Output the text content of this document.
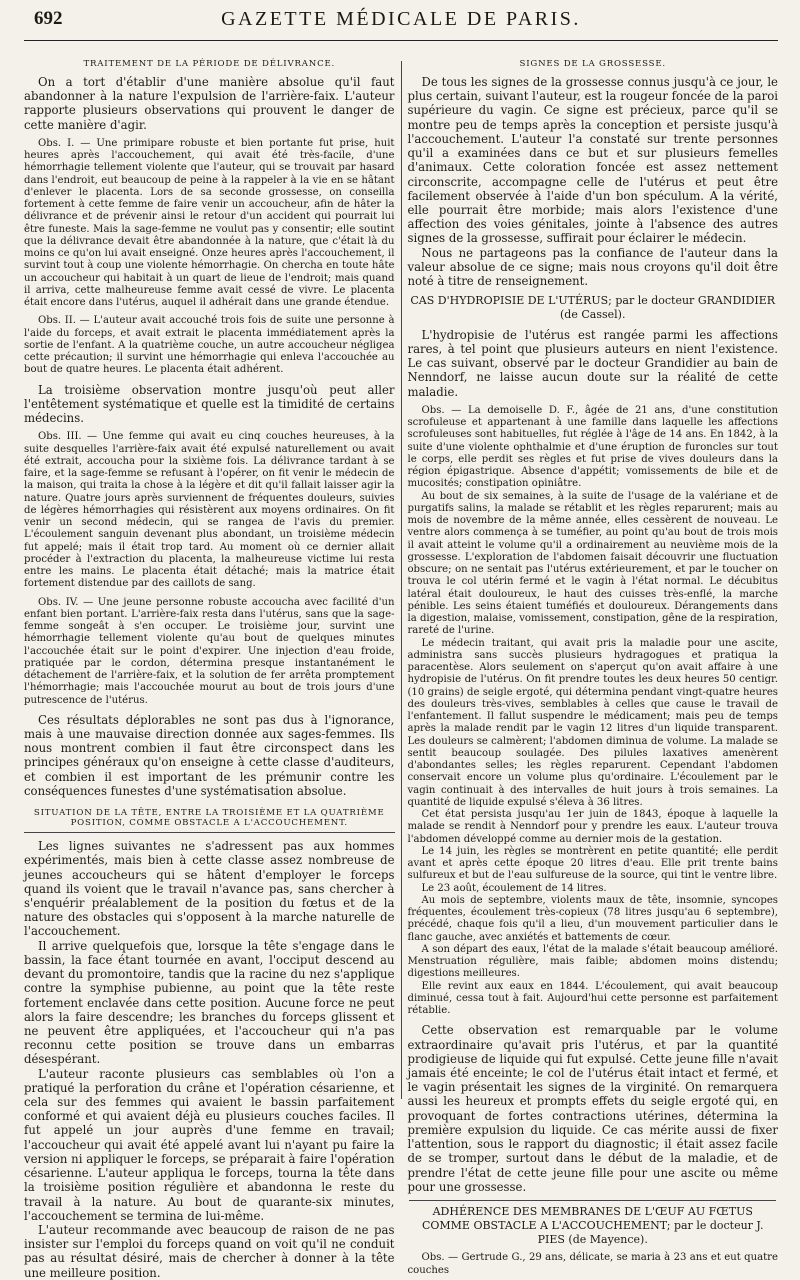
692	GAZETTE MÉDICALE DE PARIS.
TRAITEMENT DE LA PÉRIODE DE DÉLIVRANCE.

On a tort d'établir d'une manière absolue qu'il faut abandonner à la nature l'expulsion de l'arrière-faix. L'auteur rapporte plusieurs observations qui prouvent le danger de cette manière d'agir.

Obs. I. — Une primipare robuste et bien portante fut prise, huit heures après l'accouchement, qui avait été très-facile, d'une hémorrhagie tellement violente que l'auteur, qui se trouvait par hasard dans l'endroit, eut beaucoup de peine à la rappeler à la vie en se hâtant d'enlever le placenta. Lors de sa seconde grossesse, on conseilla fortement à cette femme de faire venir un accoucheur, afin de hâter la délivrance et de prévenir ainsi le retour d'un accident qui pourrait lui être funeste. Mais la sage-femme ne voulut pas y consentir; elle soutint que la délivrance devait être abandonnée à la nature, que c'était là du moins ce qu'on lui avait enseigné. Onze heures après l'accouchement, il survint tout à coup une violente hémorrhagie. On chercha en toute hâte un accoucheur qui habitait à un quart de lieue de l'endroit; mais quand il arriva, cette malheureuse femme avait cessé de vivre. Le placenta était encore dans l'utérus, auquel il adhérait dans une grande étendue.

Obs. II. — L'auteur avait accouché trois fois de suite une personne à l'aide du forceps, et avait extrait le placenta immédiatement après la sortie de l'enfant. A la quatrième couche, un autre accoucheur négligea cette précaution; il survint une hémorrhagie qui enleva l'accouchée au bout de quatre heures. Le placenta était adhérent.

La troisième observation montre jusqu'où peut aller l'entêtement systématique et quelle est la timidité de certains médecins.

Obs. III. — Une femme qui avait eu cinq couches heureuses, à la suite desquelles l'arrière-faix avait été expulsé naturellement ou avait été extrait, accoucha pour la sixième fois. La délivrance tardant à se faire, et la sage-femme se refusant à l'opérer, on fit venir le médecin de la maison, qui traita la chose à la légère et dit qu'il fallait laisser agir la nature. Quatre jours après surviennent de fréquentes douleurs, suivies de légères hémorrhagies qui résistèrent aux moyens ordinaires. On fit venir un second médecin, qui se rangea de l'avis du premier. L'écoulement sanguin devenant plus abondant, un troisième médecin fut appelé; mais il était trop tard. Au moment où ce dernier allait procéder à l'extraction du placenta, la malheureuse victime lui resta entre les mains. Le placenta était détaché; mais la matrice était fortement distendue par des caillots de sang.

Obs. IV. — Une jeune personne robuste accoucha avec facilité d'un enfant bien portant. L'arrière-faix resta dans l'utérus, sans que la sage-femme songeât à s'en occuper. Le troisième jour, survint une hémorrhagie tellement violente qu'au bout de quelques minutes l'accouchée était sur le point d'expirer. Une injection d'eau froide, pratiquée par le cordon, détermina presque instantanément le détachement de l'arrière-faix, et la solution de fer arrêta promptement l'hémorrhagie; mais l'accouchée mourut au bout de trois jours d'une putrescence de l'utérus.

Ces résultats déplorables ne sont pas dus à l'ignorance, mais à une mauvaise direction donnée aux sages-femmes. Ils nous montrent combien il faut être circonspect dans les principes généraux qu'on enseigne à cette classe d'auditeurs, et combien il est important de les prémunir contre les conséquences funestes d'une systématisation absolue.

SITUATION DE LA TÊTE, ENTRE LA TROISIÈME ET LA QUATRIÈME POSITION, COMME OBSTACLE A L'ACCOUCHEMENT.

Les lignes suivantes ne s'adressent pas aux hommes expérimentés, mais bien à cette classe assez nombreuse de jeunes accoucheurs qui se hâtent d'employer le forceps quand ils voient que le travail n'avance pas, sans chercher à s'enquérir préalablement de la position du fœtus et de la nature des obstacles qui s'opposent à la marche naturelle de l'accouchement.

Il arrive quelquefois que, lorsque la tête s'engage dans le bassin, la face étant tournée en avant, l'occiput descend au devant du promontoire, tandis que la racine du nez s'applique contre la symphise pubienne, au point que la tête reste fortement enclavée dans cette position. Aucune force ne peut alors la faire descendre; les branches du forceps glissent et ne peuvent être appliquées, et l'accoucheur qui n'a pas reconnu cette position se trouve dans un embarras désespérant.

L'auteur raconte plusieurs cas semblables où l'on a pratiqué la perforation du crâne et l'opération césarienne, et cela sur des femmes qui avaient le bassin parfaitement conformé et qui avaient déjà eu plusieurs couches faciles. Il fut appelé un jour auprès d'une femme en travail; l'accoucheur qui avait été appelé avant lui n'ayant pu faire la version ni appliquer le forceps, se préparait à faire l'opération césarienne. L'auteur appliqua le forceps, tourna la tête dans la troisième position régulière et abandonna le reste du travail à la nature. Au bout de quarante-six minutes, l'accouchement se termina de lui-même.

L'auteur recommande avec beaucoup de raison de ne pas insister sur l'emploi du forceps quand on voit qu'il ne conduit pas au résultat désiré, mais de chercher à donner à la tête une meilleure position.

SIGNES DE LA GROSSESSE.

De tous les signes de la grossesse connus jusqu'à ce jour, le plus certain, suivant l'auteur, est la rougeur foncée de la paroi supérieure du vagin. Ce signe est précieux, parce qu'il se montre peu de temps après la conception et persiste jusqu'à l'accouchement. L'auteur l'a constaté sur trente personnes qu'il a examinées dans ce but et sur plusieurs femelles d'animaux. Cette coloration foncée est assez nettement circonscrite, accompagne celle de l'utérus et peut être facilement observée à l'aide d'un bon spéculum. A la vérité, elle pourrait être morbide; mais alors l'existence d'une affection des voies génitales, jointe à l'absence des autres signes de la grossesse, suffirait pour éclairer le médecin.

Nous ne partageons pas la confiance de l'auteur dans la valeur absolue de ce signe; mais nous croyons qu'il doit être noté à titre de renseignement.

CAS D'HYDROPISIE DE L'UTÉRUS; par le docteur GRANDIDIER (de Cassel).

L'hydropisie de l'utérus est rangée parmi les affections rares, à tel point que plusieurs auteurs en nient l'existence. Le cas suivant, observé par le docteur Grandidier au bain de Nenndorf, ne laisse aucun doute sur la réalité de cette maladie.

Obs. — La demoiselle D. F., âgée de 21 ans, d'une constitution scrofuleuse et appartenant à une famille dans laquelle les affections scrofuleuses sont habituelles, fut réglée à l'âge de 14 ans. En 1842, à la suite d'une violente ophthalmie et d'une éruption de furoncles sur tout le corps, elle perdit ses règles et fut prise de vives douleurs dans la région épigastrique. Absence d'appétit; vomissements de bile et de mucosités; constipation opiniâtre.

Au bout de six semaines, à la suite de l'usage de la valériane et de purgatifs salins, la malade se rétablit et les règles reparurent; mais au mois de novembre de la même année, elles cessèrent de nouveau. Le ventre alors commença à se tuméfier, au point qu'au bout de trois mois il avait atteint le volume qu'il a ordinairement au neuvième mois de la grossesse. L'exploration de l'abdomen faisait découvrir une fluctuation obscure; on ne sentait pas l'utérus extérieurement, et par le toucher on trouva le col utérin fermé et le vagin à l'état normal. Le décubitus latéral était douloureux, le haut des cuisses très-enflé, la marche pénible. Les seins étaient tuméfiés et douloureux. Dérangements dans la digestion, malaise, vomissement, constipation, gêne de la respiration, rareté de l'urine.

Le médecin traitant, qui avait pris la maladie pour une ascite, administra sans succès plusieurs hydragogues et pratiqua la paracentèse. Alors seulement on s'aperçut qu'on avait affaire à une hydropisie de l'utérus. On fit prendre toutes les deux heures 50 centigr. (10 grains) de seigle ergoté, qui détermina pendant vingt-quatre heures des douleurs très-vives, semblables à celles que cause le travail de l'enfantement. Il fallut suspendre le médicament; mais peu de temps après la malade rendit par le vagin 12 litres d'un liquide transparent. Les douleurs se calmèrent; l'abdomen diminua de volume. La malade se sentit beaucoup soulagée. Des pilules laxatives amenèrent d'abondantes selles; les règles reparurent. Cependant l'abdomen conservait encore un volume plus qu'ordinaire. L'écoulement par le vagin continuait à des intervalles de huit jours à trois semaines. La quantité de liquide expulsé s'éleva à 36 litres.

Cet état persista jusqu'au 1er juin de 1843, époque à laquelle la malade se rendit à Nenndorf pour y prendre les eaux. L'auteur trouva l'abdomen développé comme au dernier mois de la gestation.

Le 14 juin, les règles se montrèrent en petite quantité; elle perdit avant et après cette époque 20 litres d'eau. Elle prit trente bains sulfureux et but de l'eau sulfureuse de la source, qui tint le ventre libre.

Le 23 août, écoulement de 14 litres.

Au mois de septembre, violents maux de tête, insomnie, syncopes fréquentes, écoulement très-copieux (78 litres jusqu'au 6 septembre), précédé, chaque fois qu'il a lieu, d'un mouvement particulier dans le flanc gauche, avec anxiétés et battements de cœur.

A son départ des eaux, l'état de la malade s'était beaucoup amélioré. Menstruation régulière, mais faible; abdomen moins distendu; digestions meilleures.

Elle revint aux eaux en 1844. L'écoulement, qui avait beaucoup diminué, cessa tout à fait. Aujourd'hui cette personne est parfaitement rétablie.

Cette observation est remarquable par le volume extraordinaire qu'avait pris l'utérus, et par la quantité prodigieuse de liquide qui fut expulsé. Cette jeune fille n'avait jamais été enceinte; le col de l'utérus était intact et fermé, et le vagin présentait les signes de la virginité. On remarquera aussi les heureux et prompts effets du seigle ergoté qui, en provoquant de fortes contractions utérines, détermina la première expulsion du liquide. Ce cas mérite aussi de fixer l'attention, sous le rapport du diagnostic; il était assez facile de se tromper, surtout dans le début de la maladie, et de prendre l'état de cette jeune fille pour une ascite ou même pour une grossesse.

ADHÉRENCE DES MEMBRANES DE L'ŒUF AU FŒTUS COMME OBSTACLE A L'ACCOUCHEMENT; par le docteur J. PIES (de Mayence).

Obs. — Gertrude G., 29 ans, délicate, se maria à 23 ans et eut quatre couches
